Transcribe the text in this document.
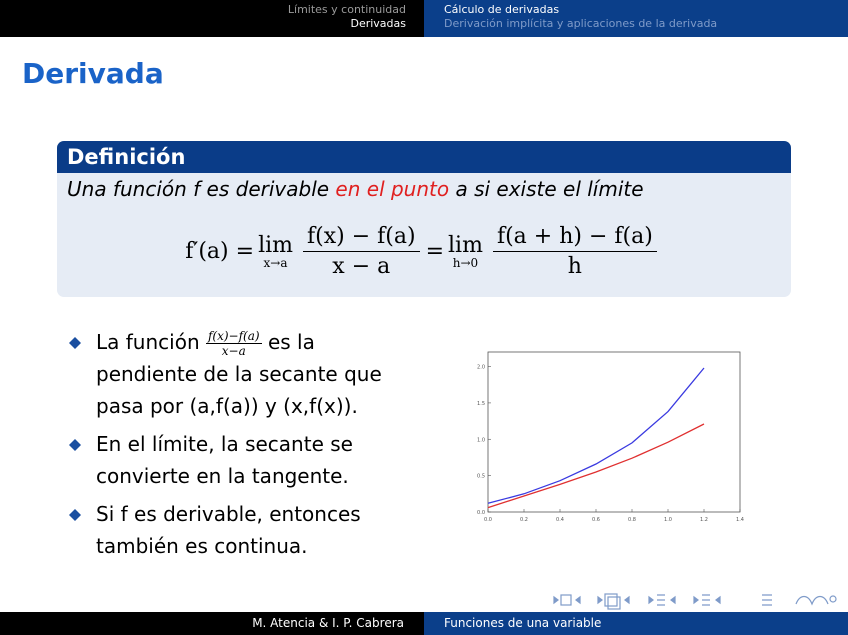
Límites y continuidad
Derivadas
Cálculo de derivadas
Derivación implícita y aplicaciones de la derivada
Derivada
Definición
Una función f es derivable en el punto a si existe el límite
f′(a) = lim
$x\to a \frac{f(x) - f(a)}{x - a} = \lim$
$h\to 0 \frac{f(a + h) - f(a)}{h}$
La función $\frac{f(x)-f(a)}{x-a}$ es la pendiente de la secante que pasa por (a,f(a)) y (x,f(x)).
En el límite, la secante se convierte en la tangente.
Si f es derivable, entonces también es continua.
0.0	0.2	0.4	0.6	0.8	1.0	1.2	1.4
0.0
0.5
1.0
1.5
2.0
M. Atencia & I. P. Cabrera	Funciones de una variable
